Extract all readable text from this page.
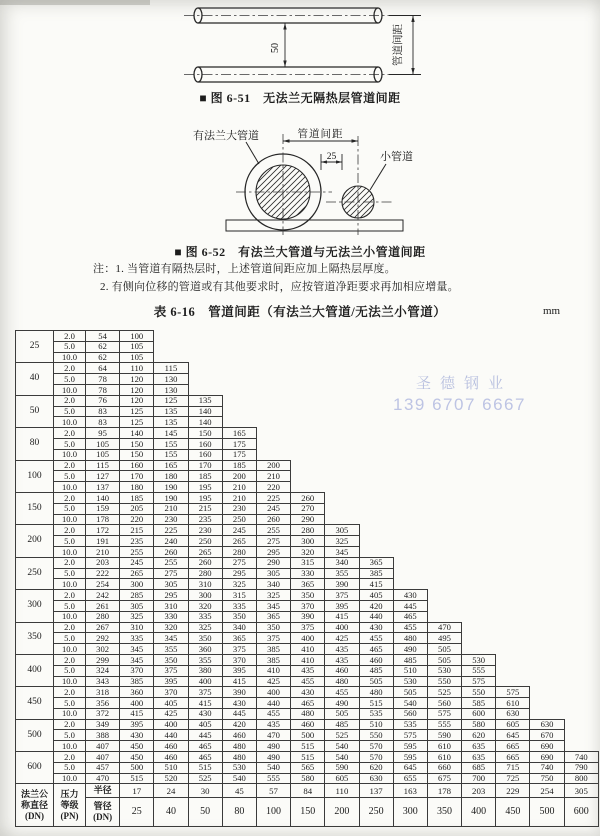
50	管道间距
■ 图 6-51　无法兰无隔热层管道间距
管道间距
25
有法兰大管道
小管道
■ 图 6-52　有法兰大管道与无法兰小管道间距
注：1. 当管道有隔热层时，上述管道间距应加上隔热层厚度。
2. 有侧向位移的管道或有其他要求时，应按管道净距要求再加相应增量。
表 6-16　管道间距（有法兰大管道/无法兰小管道）	mm
25	2.0	54	100													
	5.0	62	105													
	10.0	62	105													
40	2.0	64	110	115												
	5.0	78	120	130												
	10.0	78	120	130												
50	2.0	76	120	125	135											
	5.0	83	125	135	140											
	10.0	83	125	135	140											
80	2.0	95	140	145	150	165										
	5.0	105	150	155	160	175										
	10.0	105	150	155	160	175										
100	2.0	115	160	165	170	185	200									
	5.0	127	170	180	185	200	210									
	10.0	137	180	190	195	210	220									
150	2.0	140	185	190	195	210	225	260								
	5.0	159	205	210	215	230	245	270								
	10.0	178	220	230	235	250	260	290								
200	2.0	172	215	225	230	245	255	280	305							
	5.0	191	235	240	250	265	275	300	325							
	10.0	210	255	260	265	280	295	320	345							
250	2.0	203	245	255	260	275	290	315	340	365						
	5.0	222	265	275	280	295	305	330	355	385						
	10.0	254	300	305	310	325	340	365	390	415						
300	2.0	242	285	295	300	315	325	350	375	405	430					
	5.0	261	305	310	320	335	345	370	395	420	445					
	10.0	280	325	330	335	350	365	390	415	440	465					
350	2.0	267	310	320	325	340	350	375	400	430	455	470				
	5.0	292	335	345	350	365	375	400	425	455	480	495				
	10.0	302	345	355	360	375	385	410	435	465	490	505				
400	2.0	299	345	350	355	370	385	410	435	460	485	505	530			
	5.0	324	370	375	380	395	410	435	460	485	510	530	555			
	10.0	343	385	395	400	415	425	455	480	505	530	550	575			
450	2.0	318	360	370	375	390	400	430	455	480	505	525	550	575		
	5.0	356	400	405	415	430	440	465	490	515	540	560	585	610		
	10.0	372	415	425	430	445	455	480	505	535	560	575	600	630		
500	2.0	349	395	400	405	420	435	460	485	510	535	555	580	605	630	
	5.0	388	430	440	445	460	470	500	525	550	575	590	620	645	670	
	10.0	407	450	460	465	480	490	515	540	570	595	610	635	665	690	
600	2.0	407	450	460	465	480	490	515	540	570	595	610	635	665	690	740
	5.0	457	500	510	515	530	540	565	590	620	645	660	685	715	740	790
	10.0	470	515	520	525	540	555	580	605	630	655	675	700	725	750	800

法兰公
称直径
(DN)

压力
等级
(PN)
	半径	17	24	30	45	57	84	110	137	163	178	203	229	254	305

		管径
(DN)	25	40	50	80	100	150	200	250	300	350	400	450	500	600
圣德钢业
139 6707 6667
